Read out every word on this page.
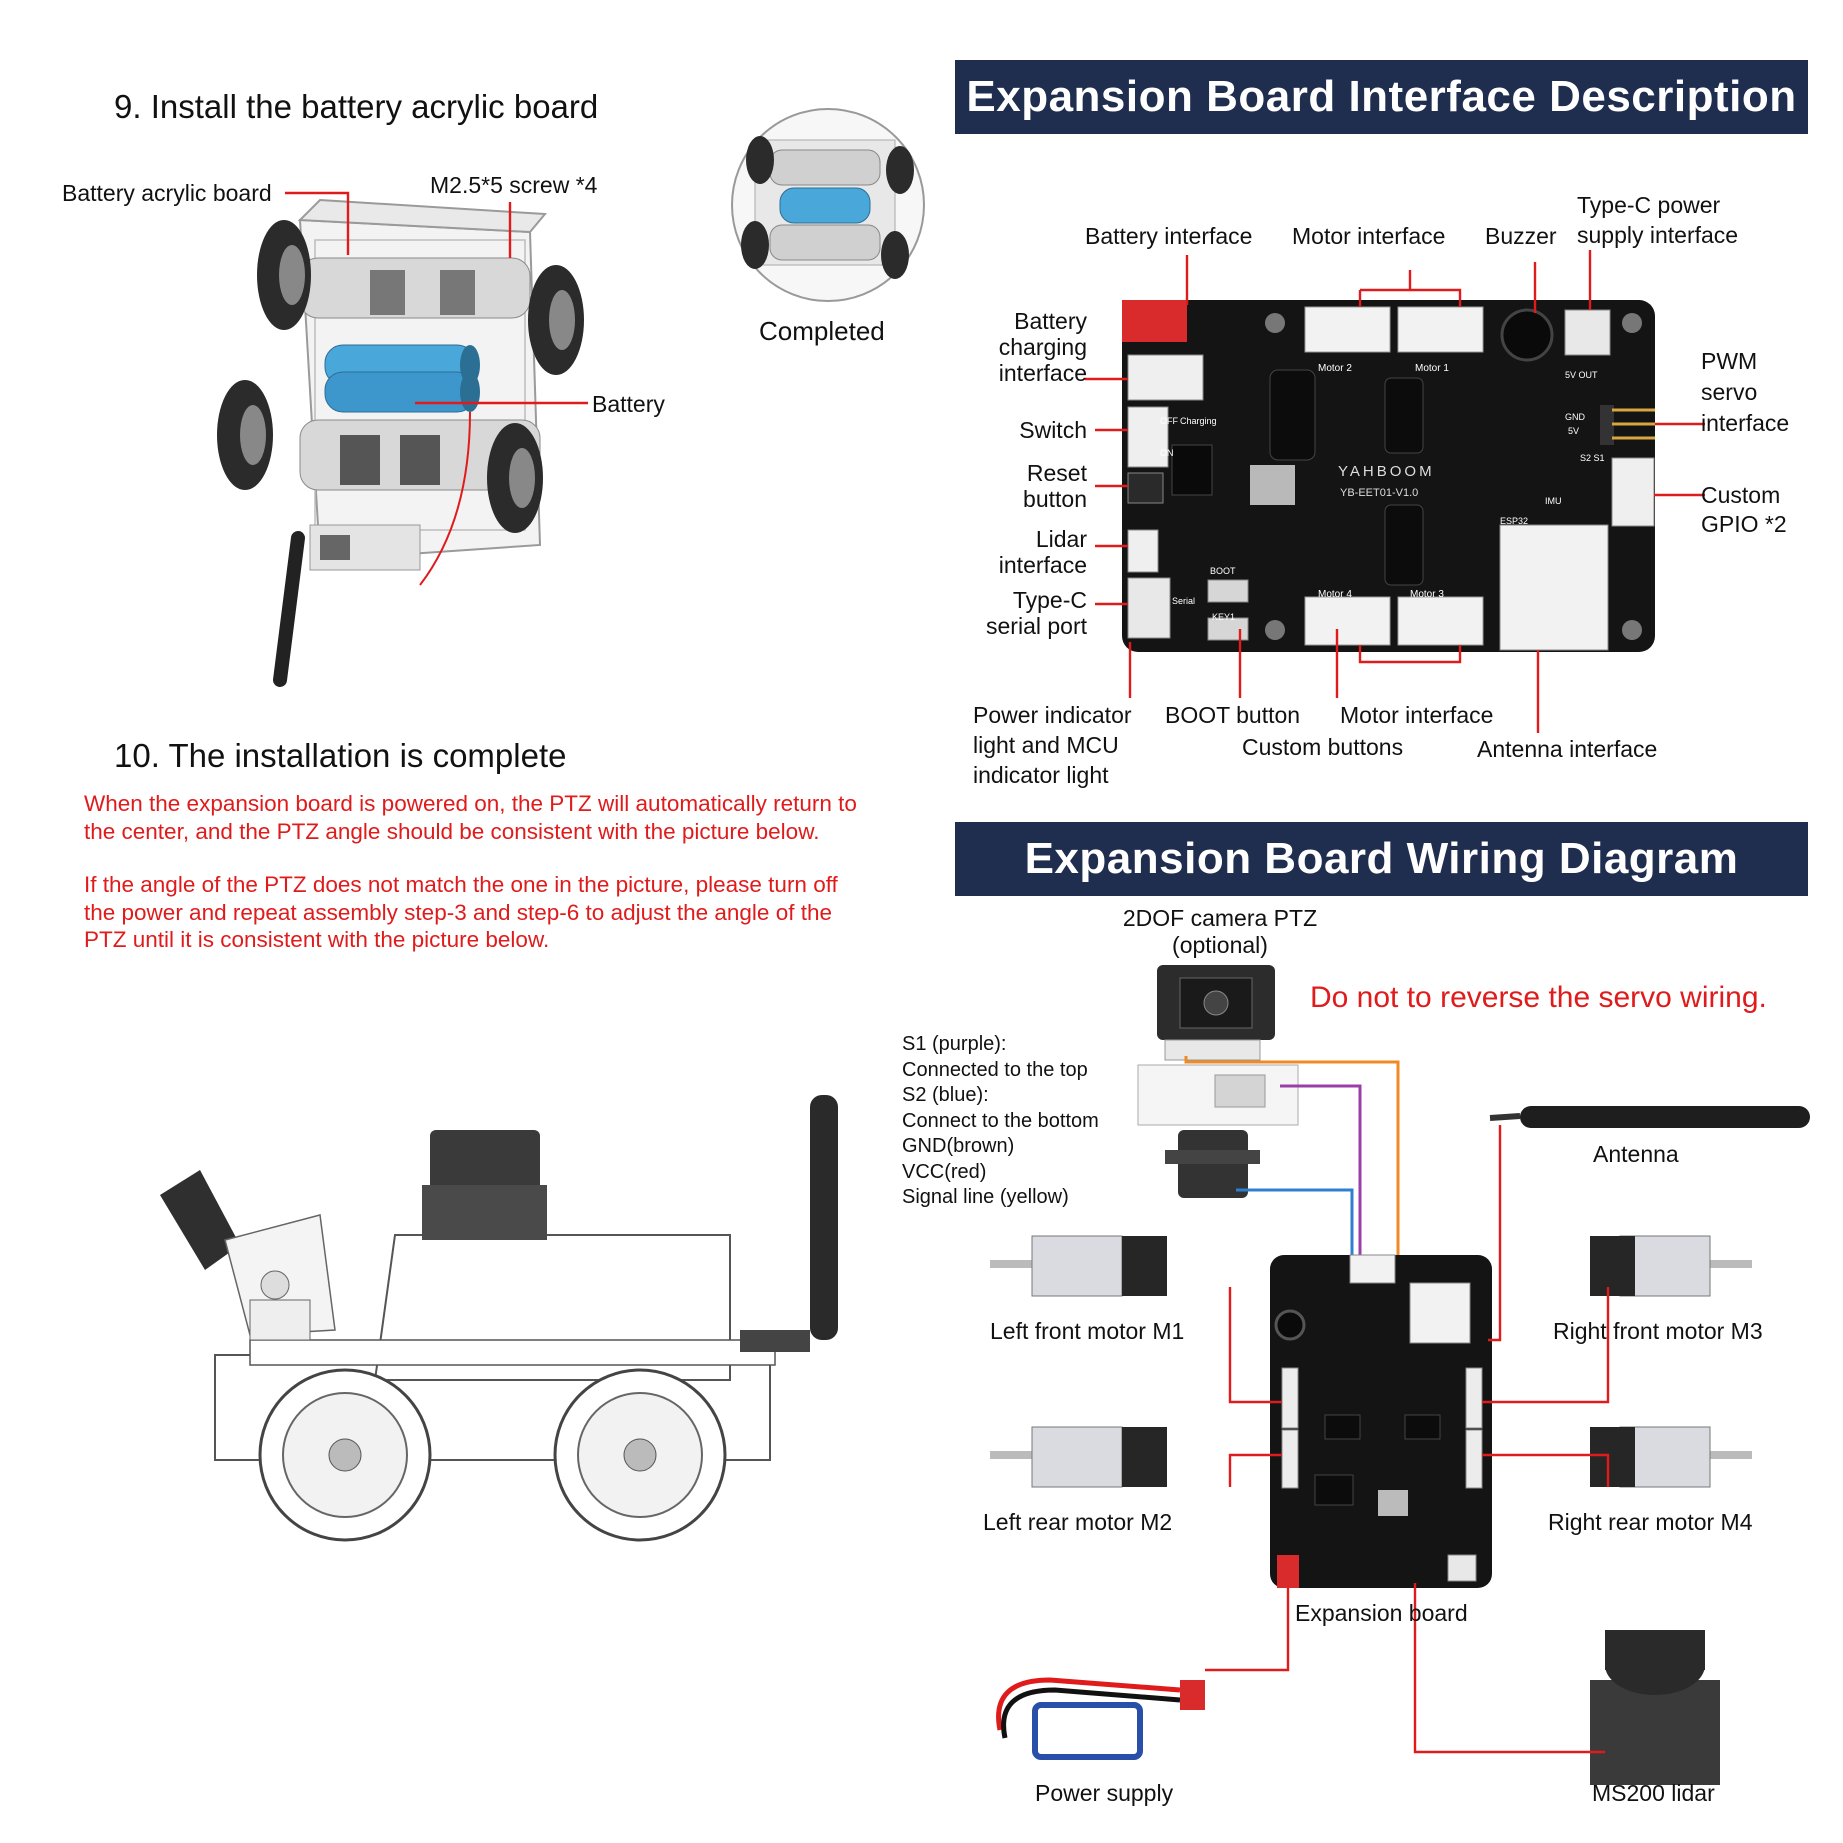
9. Install the battery acrylic board
Battery acrylic board	M2.5*5 screw *4
Battery
Completed
10. The installation is complete

When the expansion board is powered on, the PTZ will automatically return to the center, and the PTZ angle should be consistent with the picture below.

If the angle of the PTZ does not match the one in the picture, please turn off the power and repeat assembly step-3 and step-6 to adjust the angle of the PTZ until it is consistent with the picture below.

Expansion Board Interface Description
YAHBOOM
YB-EET01-V1.0
Motor 2	Motor 1
Motor 4	Motor 3
BOOT
KEY1
Serial
Charging
OFF
ON
5V OUT
GND
5V
S2 S1
ESP32
IMU
Battery interface Motor interface Buzzer
Type-C power
supply interface
Battery
charging
interface
Switch
Reset
button
Lidar
interface
Type-C
serial port
PWM
servo
interface
Custom
GPIO *2
Power indicator
light and MCU
indicator light
BOOT button Motor interface
Custom buttons	Antenna interface
Expansion Board Wiring Diagram
2DOF camera PTZ
(optional)
Do not to reverse the servo wiring.
S1 (purple):
Connected to the top
S2 (blue):
Connect to the bottom
GND(brown)
VCC(red)
Signal line (yellow)
Antenna
Left front motor M1	Right front motor M3
Left rear motor M2	Right rear motor M4
Expansion board
Power supply	MS200 lidar
